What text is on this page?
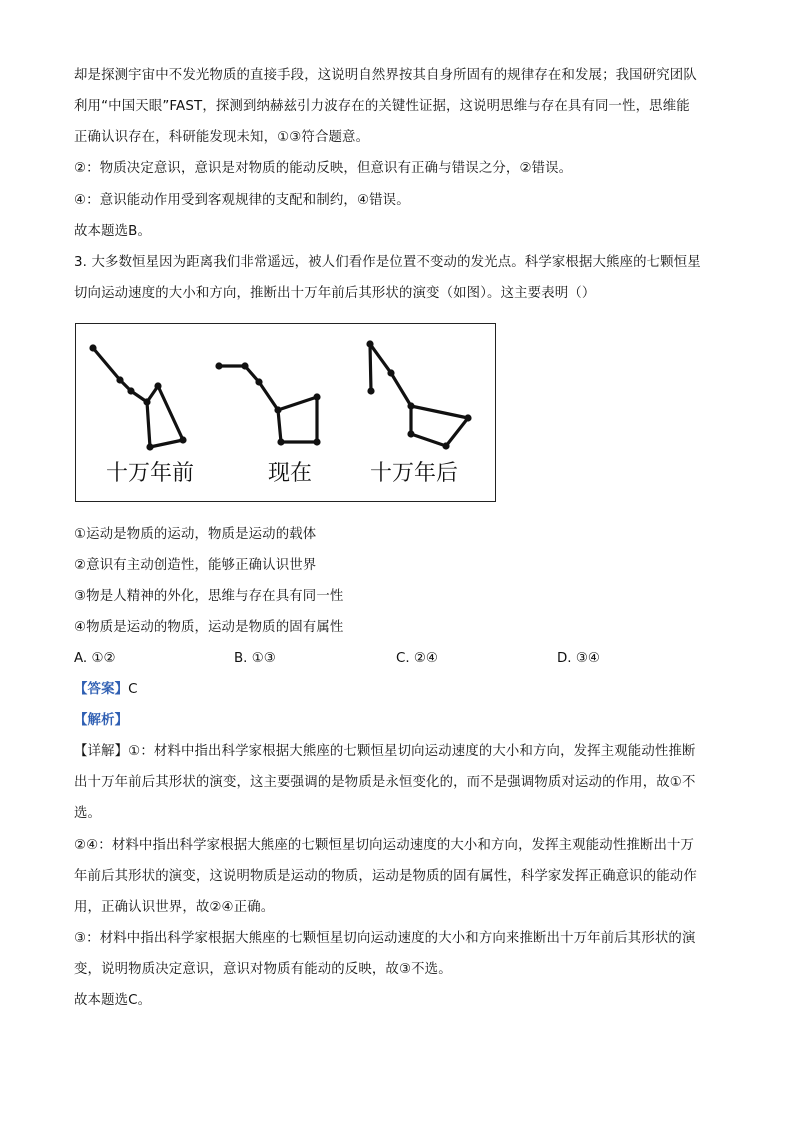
却是探测宇宙中不发光物质的直接手段，这说明自然界按其自身所固有的规律存在和发展；我国研究团队
利用“中国天眼”FAST，探测到纳赫兹引力波存在的关键性证据，这说明思维与存在具有同一性，思维能
正确认识存在，科研能发现未知，①③符合题意。
②：物质决定意识，意识是对物质的能动反映，但意识有正确与错误之分，②错误。
④：意识能动作用受到客观规律的支配和制约，④错误。
故本题选B。
3. 大多数恒星因为距离我们非常遥远，被人们看作是位置不变动的发光点。科学家根据大熊座的七颗恒星
切向运动速度的大小和方向，推断出十万年前后其形状的演变（如图）。这主要表明（）
十万年前	现在	十万年后
①运动是物质的运动，物质是运动的载体
②意识有主动创造性，能够正确认识世界
③物是人精神的外化，思维与存在具有同一性
④物质是运动的物质，运动是物质的固有属性
A. ①②	B. ①③	C. ②④	D. ③④
【答案】C
【解析】
【详解】①：材料中指出科学家根据大熊座的七颗恒星切向运动速度的大小和方向，发挥主观能动性推断
出十万年前后其形状的演变，这主要强调的是物质是永恒变化的，而不是强调物质对运动的作用，故①不
选。
②④：材料中指出科学家根据大熊座的七颗恒星切向运动速度的大小和方向，发挥主观能动性推断出十万
年前后其形状的演变，这说明物质是运动的物质，运动是物质的固有属性，科学家发挥正确意识的能动作
用，正确认识世界，故②④正确。
③：材料中指出科学家根据大熊座的七颗恒星切向运动速度的大小和方向来推断出十万年前后其形状的演
变，说明物质决定意识，意识对物质有能动的反映，故③不选。
故本题选C。
